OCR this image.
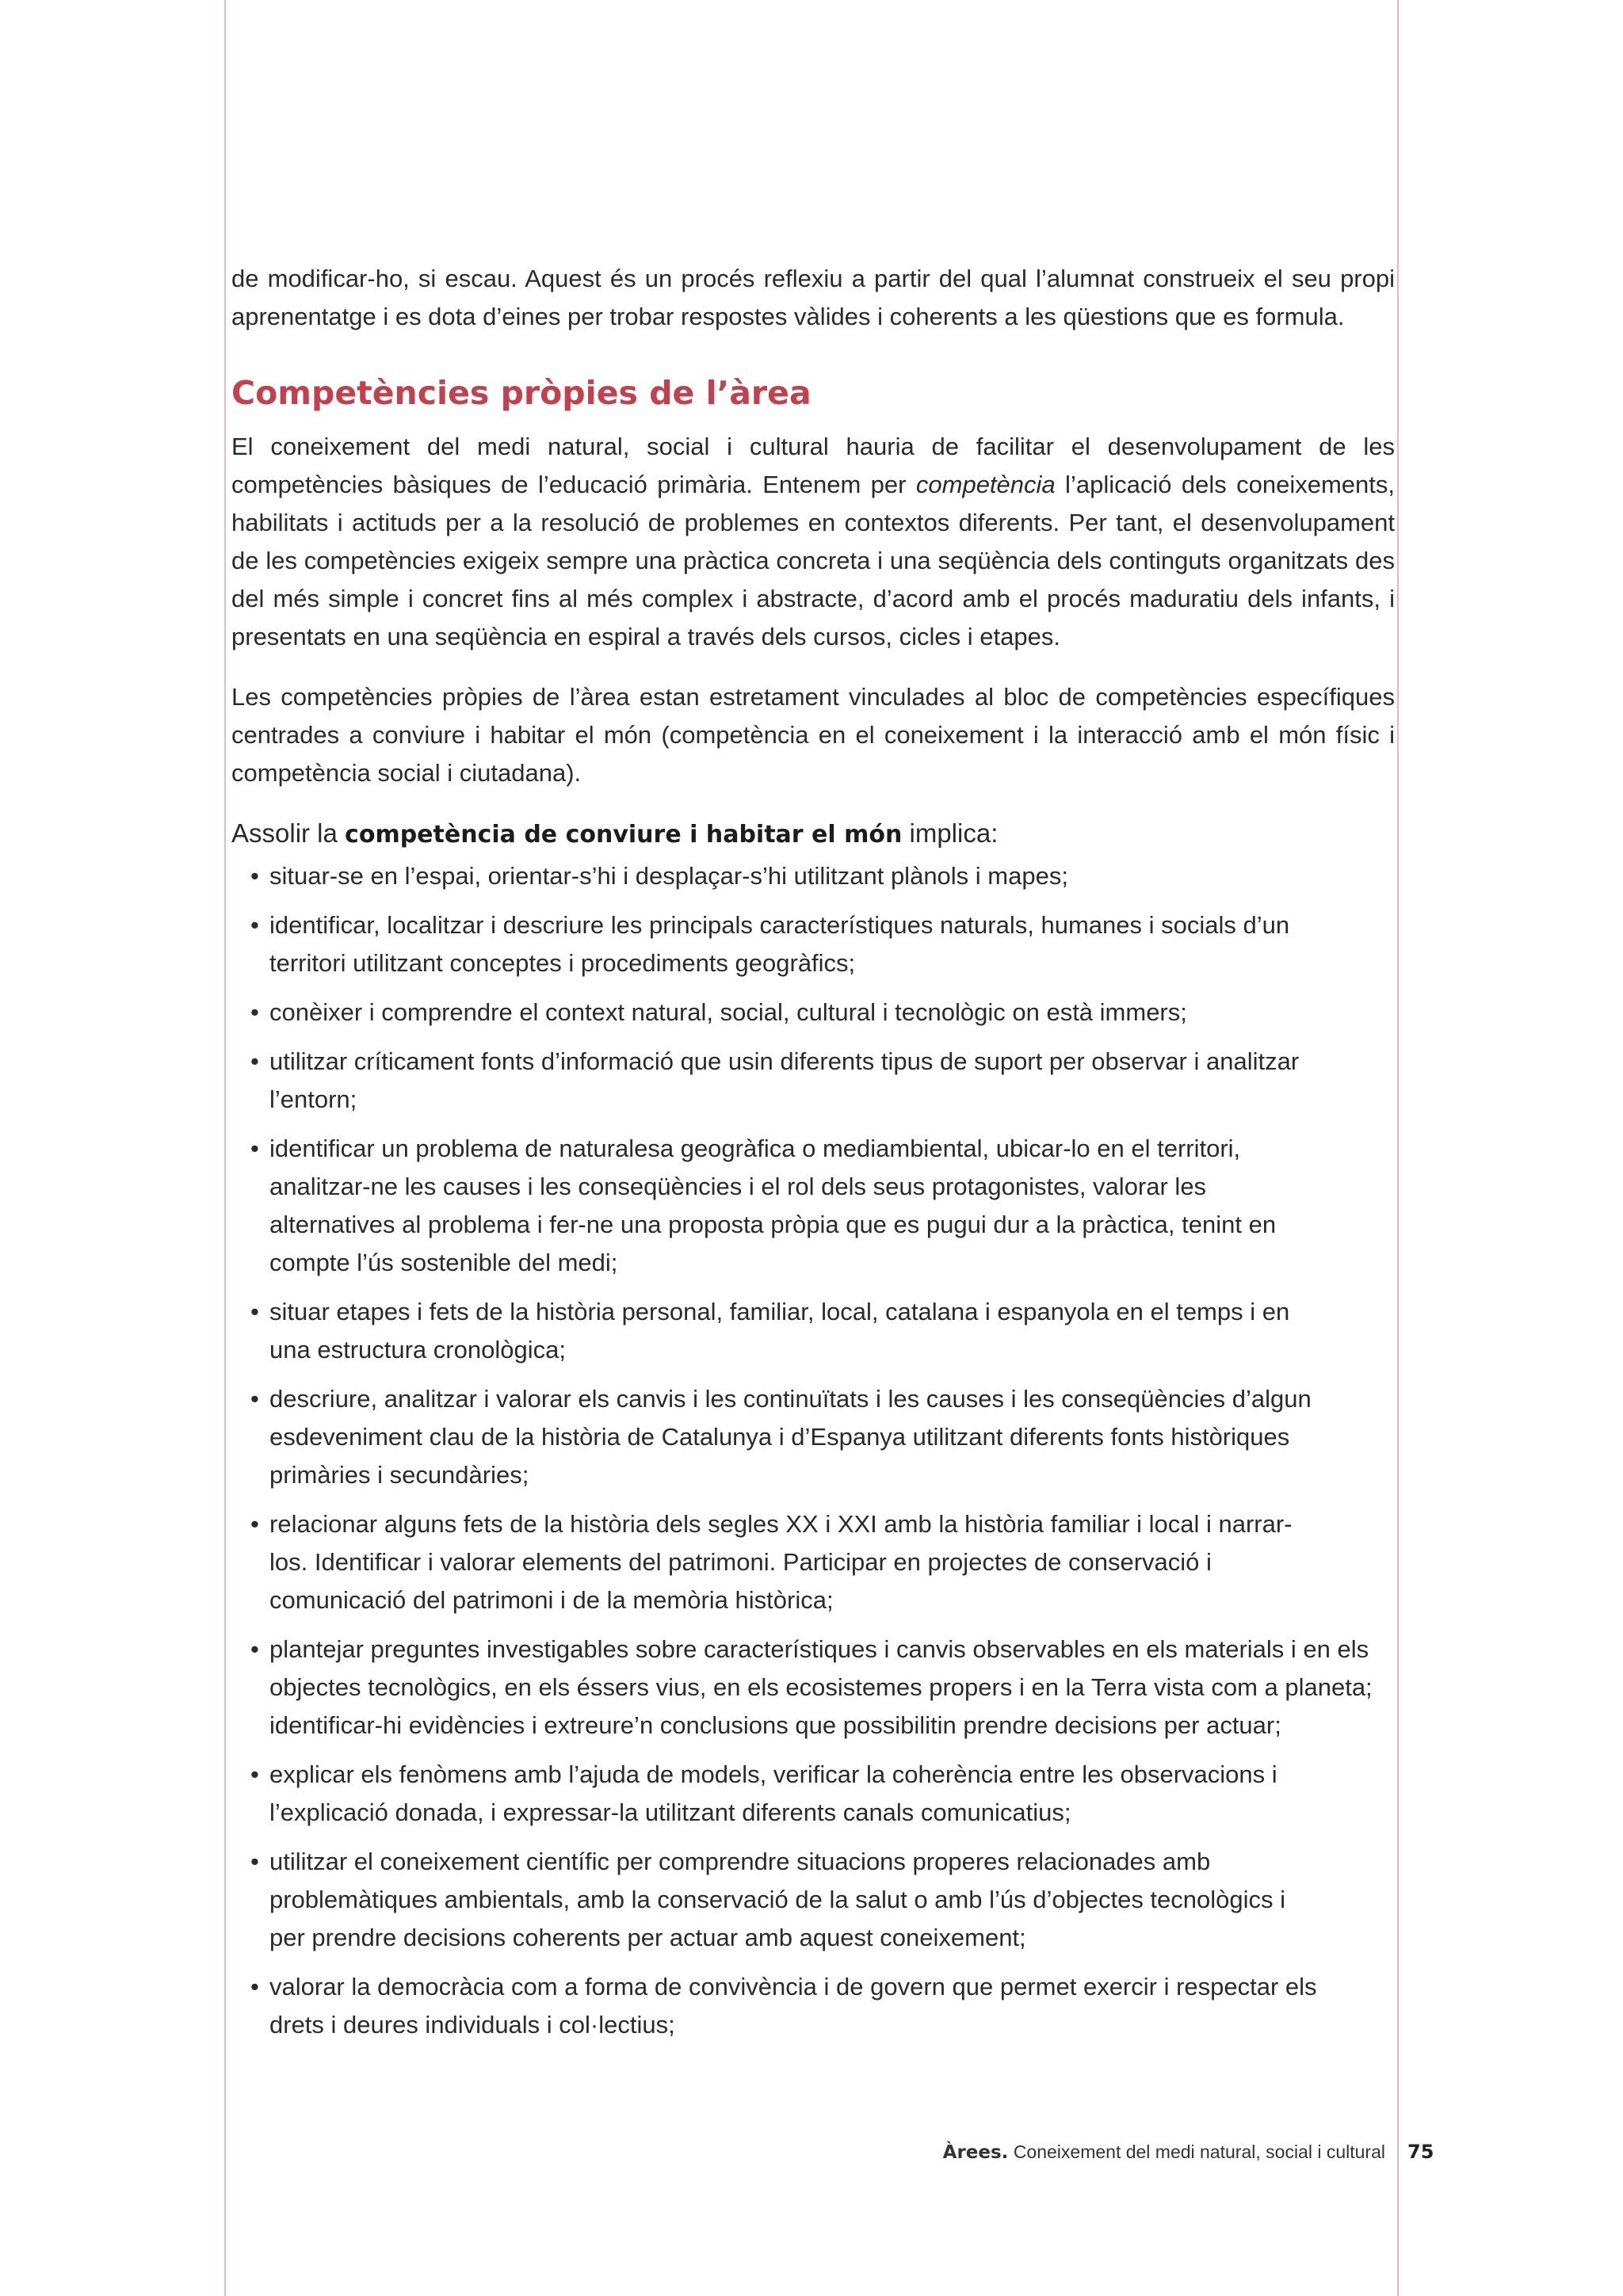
de modificar-ho, si escau. Aquest és un procés reflexiu a partir del qual l’alumnat construeix el seu propi aprenentatge i es dota d’eines per trobar respostes vàlides i coherents a les qüestions que es formula.

Competències pròpies de l’àrea

El coneixement del medi natural, social i cultural hauria de facilitar el desenvolupament de les competències bàsiques de l’educació primària. Entenem per competència l’aplicació dels coneixements, habilitats i actituds per a la resolució de problemes en contextos diferents. Per tant, el desenvolupament de les competències exigeix sempre una pràctica concreta i una seqüència dels continguts organitzats des del més simple i concret fins al més complex i abstracte, d’acord amb el procés maduratiu dels infants, i presentats en una seqüència en espiral a través dels cursos, cicles i etapes.

Les competències pròpies de l’àrea estan estretament vinculades al bloc de competències específiques centrades a conviure i habitar el món (competència en el coneixement i la interacció amb el món físic i competència social i ciutadana).

Assolir la competència de conviure i habitar el món implica:

• situar-se en l’espai, orientar-s’hi i desplaçar-s’hi utilitzant plànols i mapes;
• identificar, localitzar i descriure les principals característiques naturals, humanes i socials d’un territori utilitzant conceptes i procediments geogràfics;
• conèixer i comprendre el context natural, social, cultural i tecnològic on està immers;
• utilitzar críticament fonts d’informació que usin diferents tipus de suport per observar i analitzar l’entorn;
• identificar un problema de naturalesa geogràfica o mediambiental, ubicar-lo en el territori, analitzar-ne les causes i les conseqüències i el rol dels seus protagonistes, valorar les alternatives al problema i fer-ne una proposta pròpia que es pugui dur a la pràctica, tenint en compte l’ús sostenible del medi;
• situar etapes i fets de la història personal, familiar, local, catalana i espanyola en el temps i en una estructura cronològica;
• descriure, analitzar i valorar els canvis i les continuïtats i les causes i les conseqüències d’algun esdeveniment clau de la història de Catalunya i d’Espanya utilitzant diferents fonts històriques primàries i secundàries;
• relacionar alguns fets de la història dels segles XX i XXI amb la història familiar i local i narrar-los. Identificar i valorar elements del patrimoni. Participar en projectes de conservació i comunicació del patrimoni i de la memòria històrica;
• plantejar preguntes investigables sobre característiques i canvis observables en els materials i en els objectes tecnològics, en els éssers vius, en els ecosistemes propers i en la Terra vista com a planeta; identificar-hi evidències i extreure’n conclusions que possibilitin prendre decisions per actuar;
• explicar els fenòmens amb l’ajuda de models, verificar la coherència entre les observacions i l’explicació donada, i expressar-la utilitzant diferents canals comunicatius;
• utilitzar el coneixement científic per comprendre situacions properes relacionades amb problemàtiques ambientals, amb la conservació de la salut o amb l’ús d’objectes tecnològics i per prendre decisions coherents per actuar amb aquest coneixement;
• valorar la democràcia com a forma de convivència i de govern que permet exercir i respectar els drets i deures individuals i col·lectius;
Àrees. Coneixement del medi natural, social i cultural 75
